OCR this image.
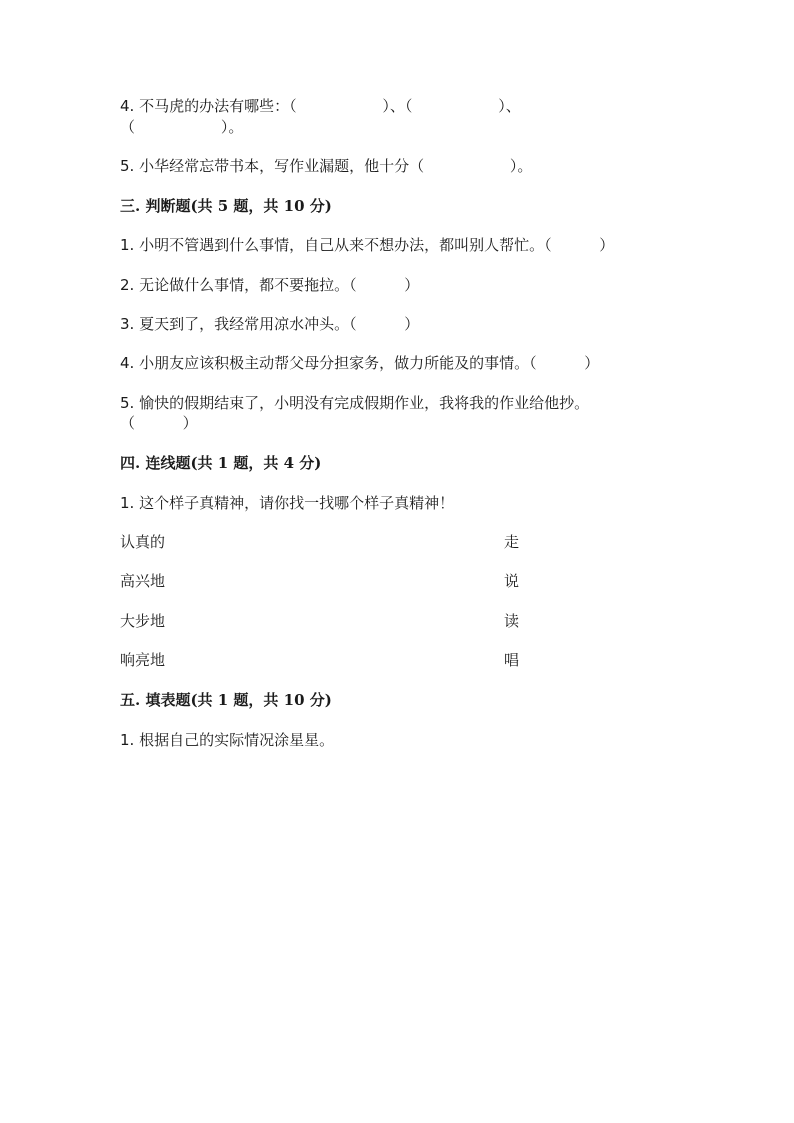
4. 不马虎的办法有哪些：（                  ）、（                  ）、

（                  ）。

5. 小华经常忘带书本，写作业漏题，他十分（                  ）。

三. 判断题(共 5 题，共 10 分)

1. 小明不管遇到什么事情，自己从来不想办法，都叫别人帮忙。（          ）

2. 无论做什么事情，都不要拖拉。（          ）

3. 夏天到了，我经常用凉水冲头。（          ）

4. 小朋友应该积极主动帮父母分担家务，做力所能及的事情。（          ）

5. 愉快的假期结束了，小明没有完成假期作业，我将我的作业给他抄。

（          ）

四. 连线题(共 1 题，共 4 分)

1. 这个样子真精神，请你找一找哪个样子真精神！

认真的	走
高兴地	说
大步地	读
响亮地	唱

五. 填表题(共 1 题，共 10 分)

1. 根据自己的实际情况涂星星。
